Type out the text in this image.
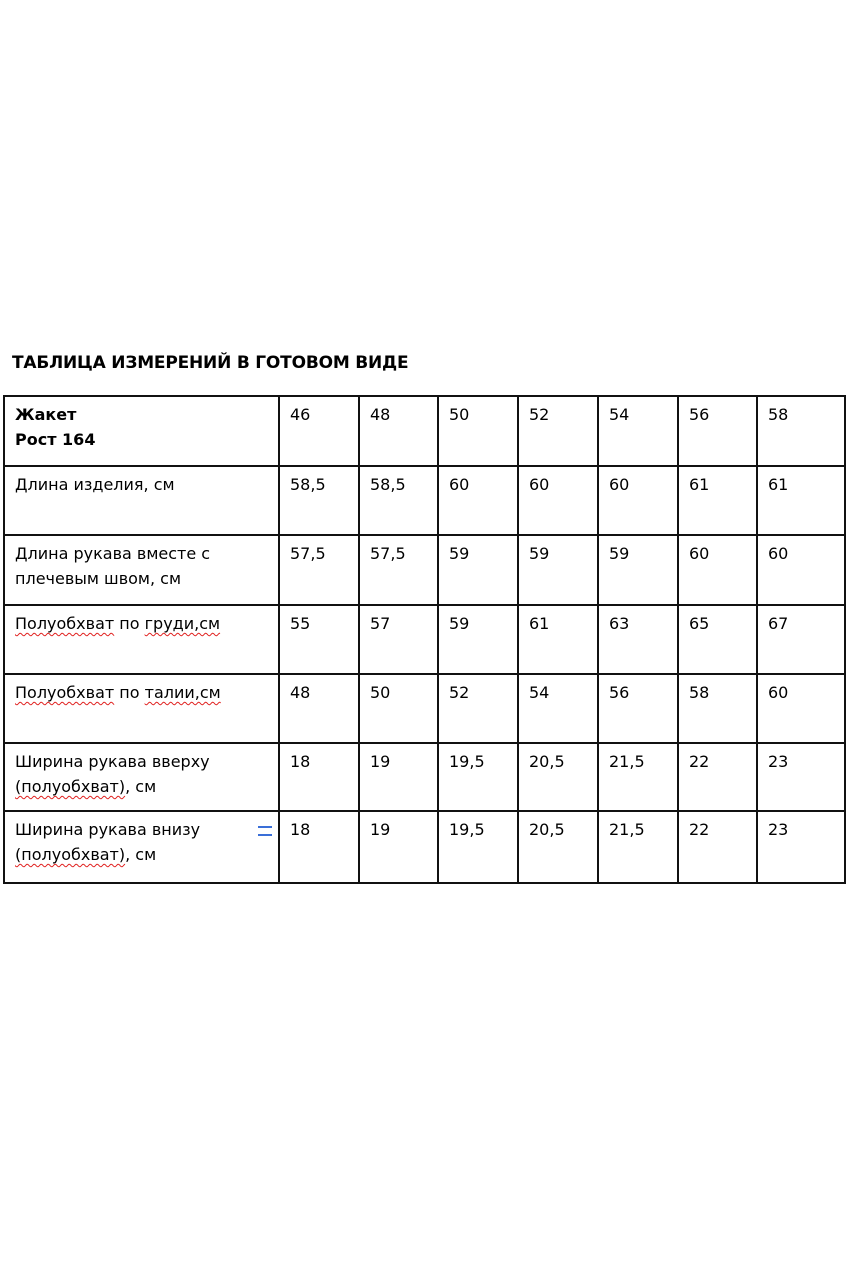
ТАБЛИЦА ИЗМЕРЕНИЙ В ГОТОВОМ ВИДЕ
Жакет
Рост 164	46	48	50	52	54	56	58
Длина изделия, см	58,5	58,5	60	60	60	61	61

Длина рукава вместе с
плечевым швом, см	57,5	57,5	59	59	59	60	60
Полуобхват по груди,см	55	57	59	61	63	65	67
Полуобхват по талии,см	48	50	52	54	56	58	60

Ширина рукава вверху
(полуобхват), см	18	19	19,5	20,5	21,5	22	23

Ширина рукава внизу
(полуобхват), см	18	19	19,5	20,5	21,5	22	23
